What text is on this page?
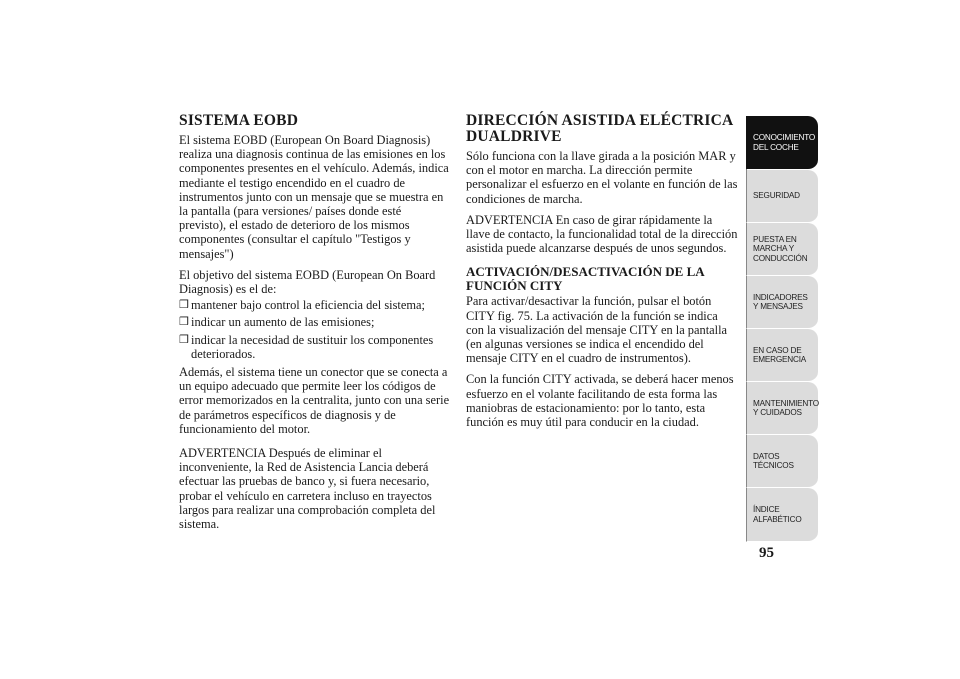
SISTEMA EOBD

El sistema EOBD (European On Board Diagnosis) realiza una diagnosis continua de las emisiones en los componentes presentes en el vehículo. Además, indica mediante el testigo encendido en el cuadro de instrumentos junto con un mensaje que se muestra en la pantalla (para versiones/ países donde esté previsto), el estado de deterioro de los mismos componentes (consultar el capítulo "Testigos y mensajes")

El objetivo del sistema EOBD (European On Board Diagnosis) es el de:

❒ mantener bajo control la eficiencia del sistema;
❒ indicar un aumento de las emisiones;
❒ indicar la necesidad de sustituir los componentes deteriorados.

Además, el sistema tiene un conector que se conecta a un equipo adecuado que permite leer los códigos de error memorizados en la centralita, junto con una serie de parámetros específicos de diagnosis y de funcionamiento del motor.

ADVERTENCIA Después de eliminar el inconveniente, la Red de Asistencia Lancia deberá efectuar las pruebas de banco y, si fuera necesario, probar el vehículo en carretera incluso en trayectos largos para realizar una comprobación completa del sistema.

DIRECCIÓN ASISTIDA ELÉCTRICA DUALDRIVE

Sólo funciona con la llave girada a la posición MAR y con el motor en marcha. La dirección permite personalizar el esfuerzo en el volante en función de las condiciones de marcha.

ADVERTENCIA En caso de girar rápidamente la llave de contacto, la funcionalidad total de la dirección asistida puede alcanzarse después de unos segundos.

ACTIVACIÓN/DESACTIVACIÓN DE LA FUNCIÓN CITY

Para activar/desactivar la función, pulsar el botón CITY fig. 75. La activación de la función se indica con la visualización del mensaje CITY en la pantalla (en algunas versiones se indica el encendido del mensaje CITY en el cuadro de instrumentos).

Con la función CITY activada, se deberá hacer menos esfuerzo en el volante facilitando de esta forma las maniobras de estacionamiento: por lo tanto, esta función es muy útil para conducir en la ciudad.

CONOCIMIENTO DEL COCHE
SEGURIDAD
PUESTA EN MARCHA Y CONDUCCIÓN
INDICADORES Y MENSAJES
EN CASO DE EMERGENCIA
MANTENIMIENTO Y CUIDADOS
DATOS TÉCNICOS
ÍNDICE ALFABÉTICO
95
